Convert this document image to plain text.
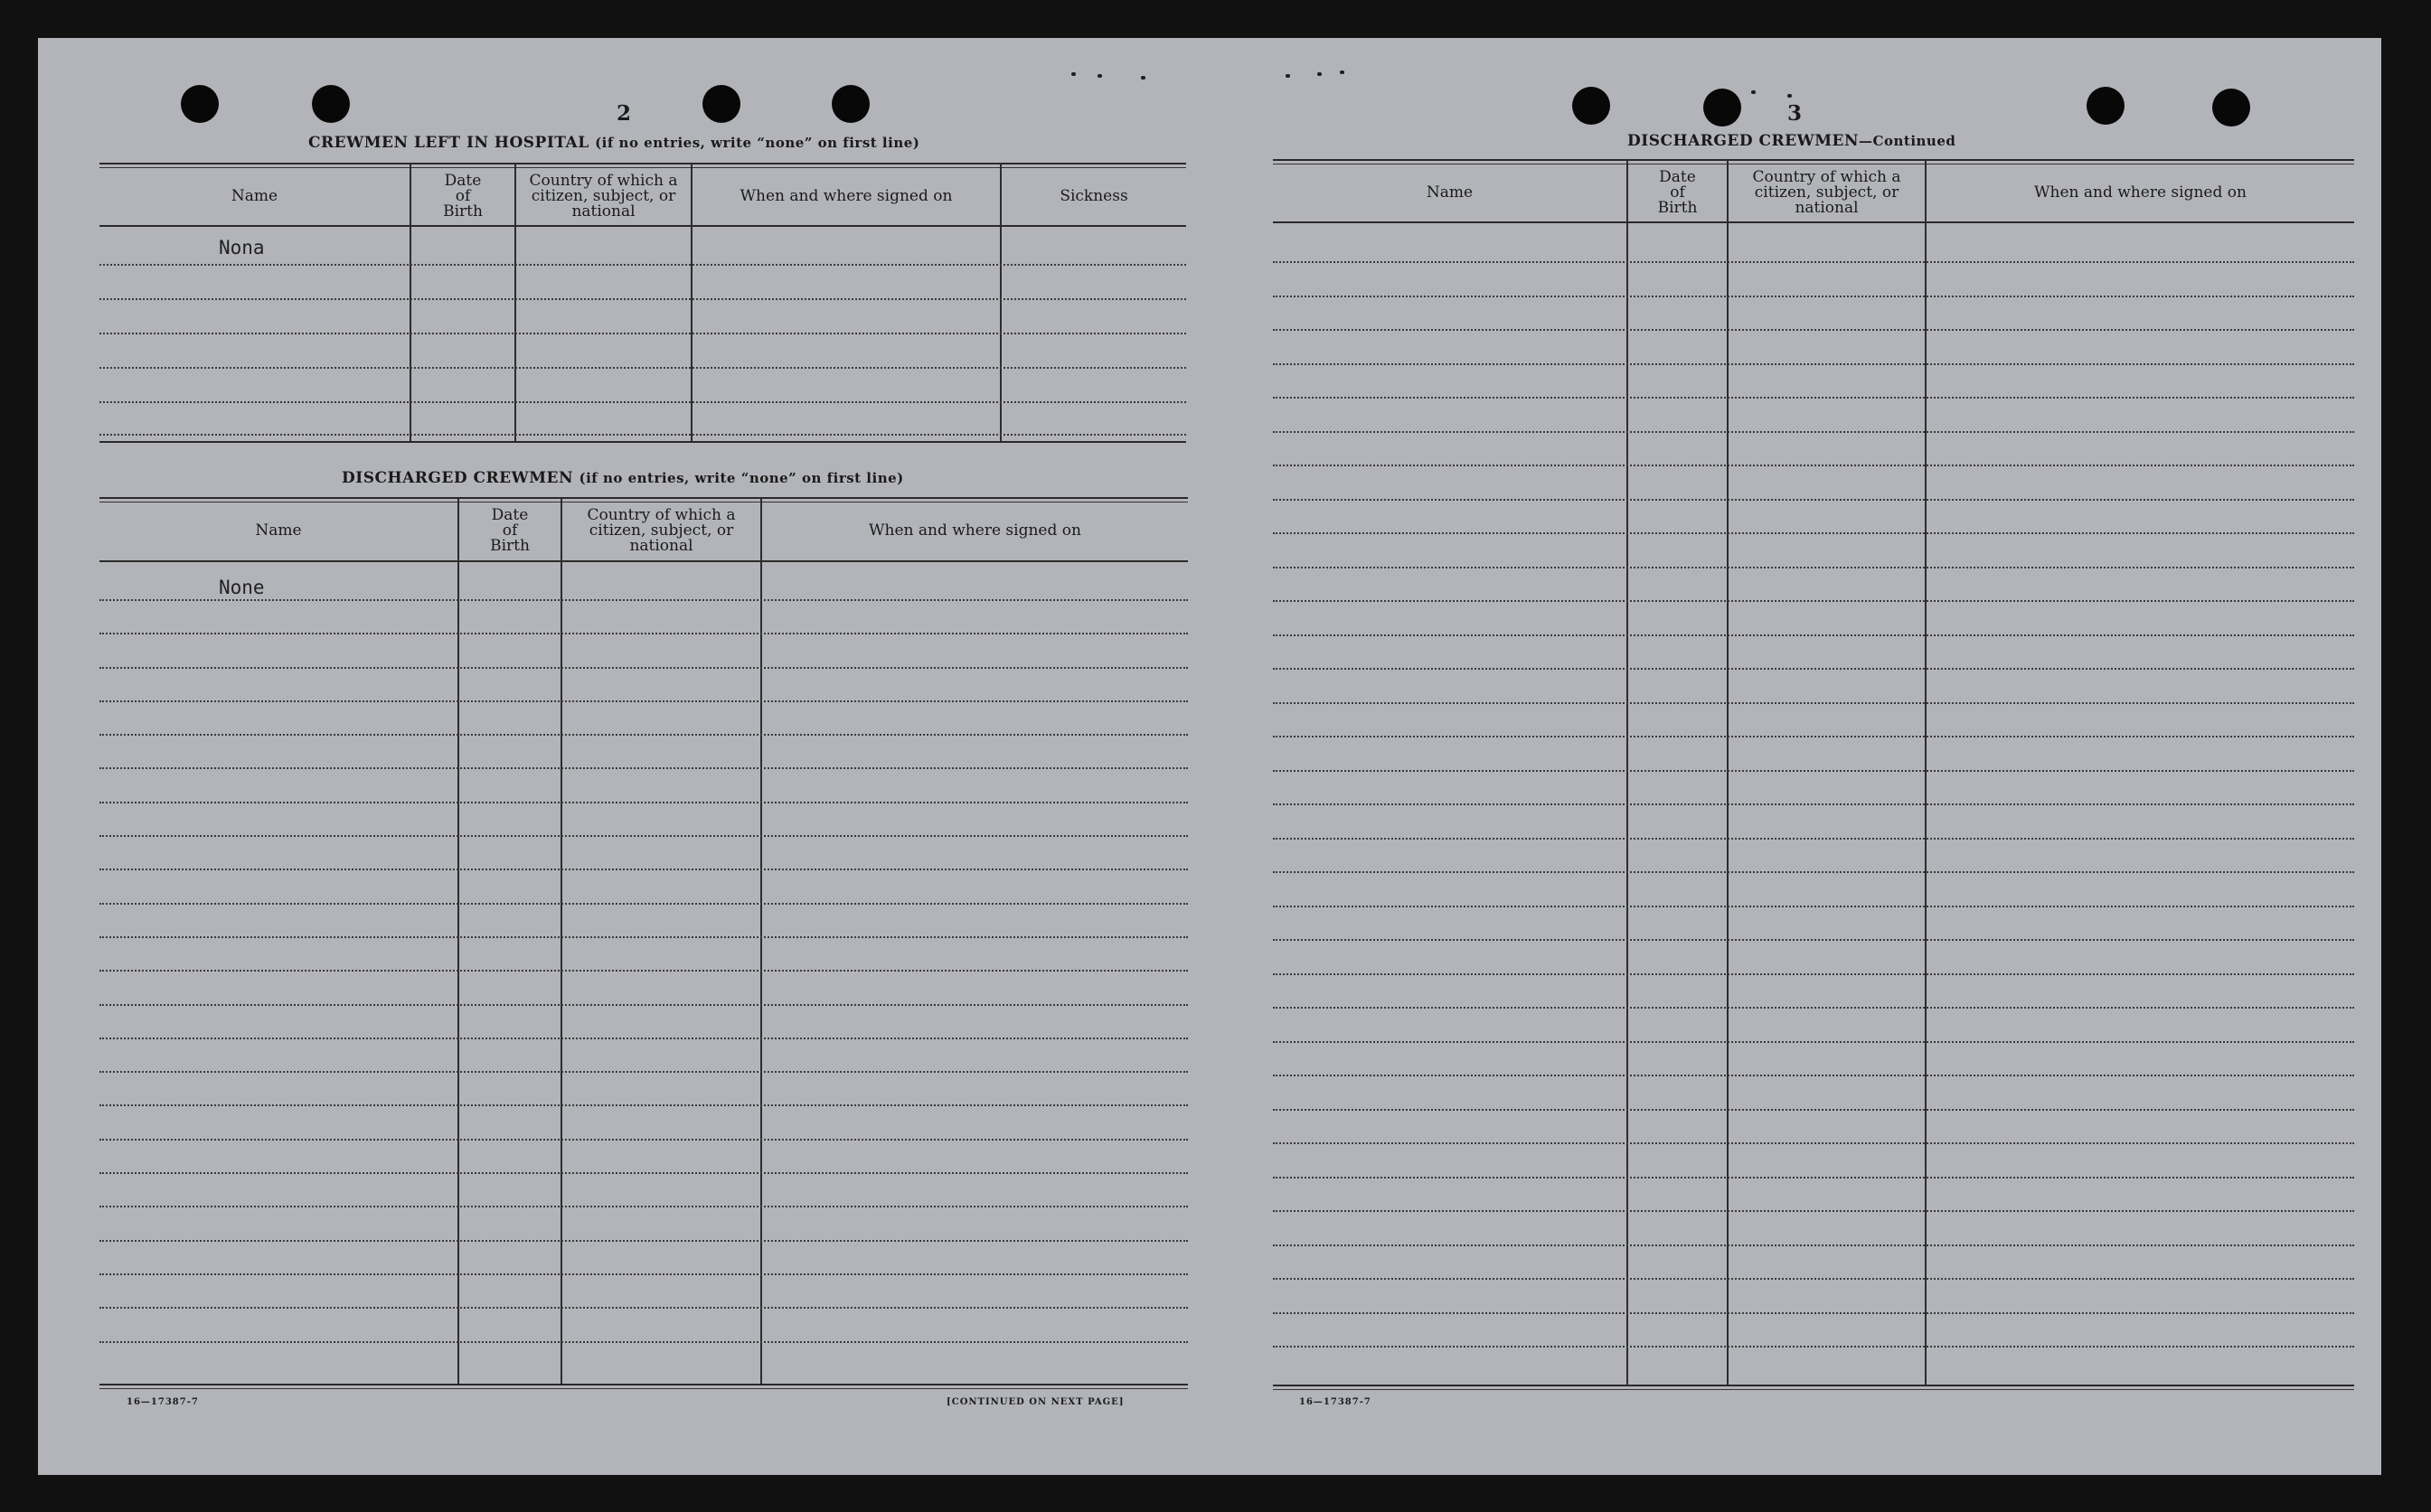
2
CREWMEN LEFT IN HOSPITAL (if no entries, write “none” on first line)
Name
Date
of
Birth
Country of which a
citizen, subject, or
national
When and where signed on	Sickness
Nona
DISCHARGED CREWMEN (if no entries, write “none” on first line)
Name
Date
of
Birth
Country of which a
citizen, subject, or
national
When and where signed on
None
16—17387-7	[CONTINUED ON NEXT PAGE]
3
DISCHARGED CREWMEN—Continued
Name
Date
of
Birth
Country of which a
citizen, subject, or
national
When and where signed on
16—17387-7
